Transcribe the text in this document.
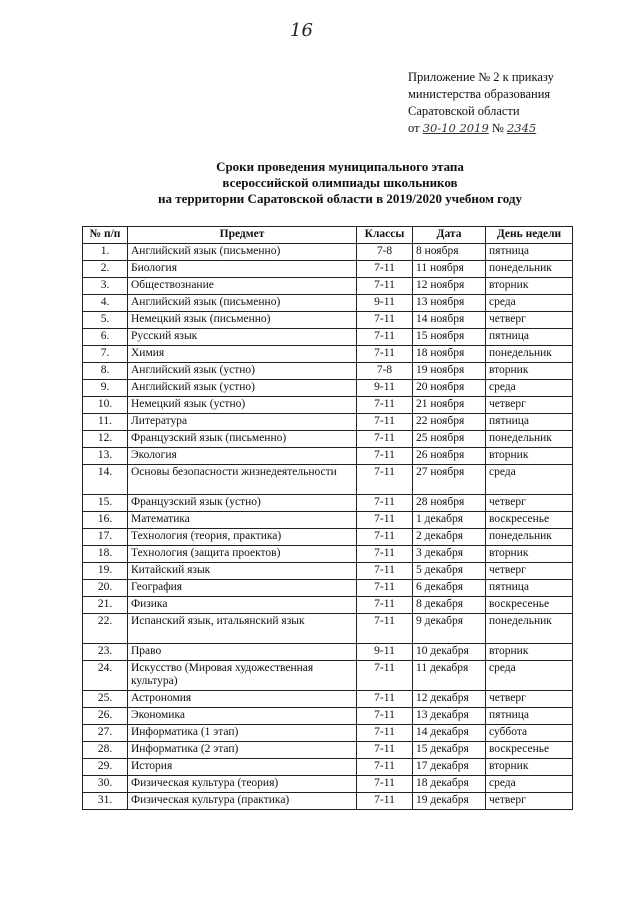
16
Приложение № 2 к приказу
министерства образования
Саратовской области
от 30-10 2019 № 2345
Сроки проведения муниципального этапа
всероссийской олимпиады школьников
на территории Саратовской области в 2019/2020 учебном году
№ п/п	Предмет	Классы	Дата	День недели
1.	Английский язык (письменно)	7-8	8 ноября	пятница
2.	Биология	7-11	11 ноября	понедельник
3.	Обществознание	7-11	12 ноября	вторник
4.	Английский язык (письменно)	9-11	13 ноября	среда
5.	Немецкий язык (письменно)	7-11	14 ноября	четверг
6.	Русский язык	7-11	15 ноября	пятница
7.	Химия	7-11	18 ноября	понедельник
8.	Английский язык (устно)	7-8	19 ноября	вторник
9.	Английский язык (устно)	9-11	20 ноября	среда
10.	Немецкий язык (устно)	7-11	21 ноября	четверг
11.	Литература	7-11	22 ноября	пятница
12.	Французский язык (письменно)	7-11	25 ноября	понедельник
13.	Экология	7-11	26 ноября	вторник
14.	Основы безопасности жизнедеятельности	7-11	27 ноября	среда
15.	Французский язык (устно)	7-11	28 ноября	четверг
16.	Математика	7-11	1 декабря	воскресенье
17.	Технология (теория, практика)	7-11	2 декабря	понедельник
18.	Технология (защита проектов)	7-11	3 декабря	вторник
19.	Китайский язык	7-11	5 декабря	четверг
20.	География	7-11	6 декабря	пятница
21.	Физика	7-11	8 декабря	воскресенье
22.	Испанский язык, итальянский язык	7-11	9 декабря	понедельник
23.	Право	9-11	10 декабря	вторник
24.	Искусство (Мировая художественная культура)	7-11	11 декабря	среда
25.	Астрономия	7-11	12 декабря	четверг
26.	Экономика	7-11	13 декабря	пятница
27.	Информатика (1 этап)	7-11	14 декабря	суббота
28.	Информатика (2 этап)	7-11	15 декабря	воскресенье
29.	История	7-11	17 декабря	вторник
30.	Физическая культура (теория)	7-11	18 декабря	среда
31.	Физическая культура (практика)	7-11	19 декабря	четверг
